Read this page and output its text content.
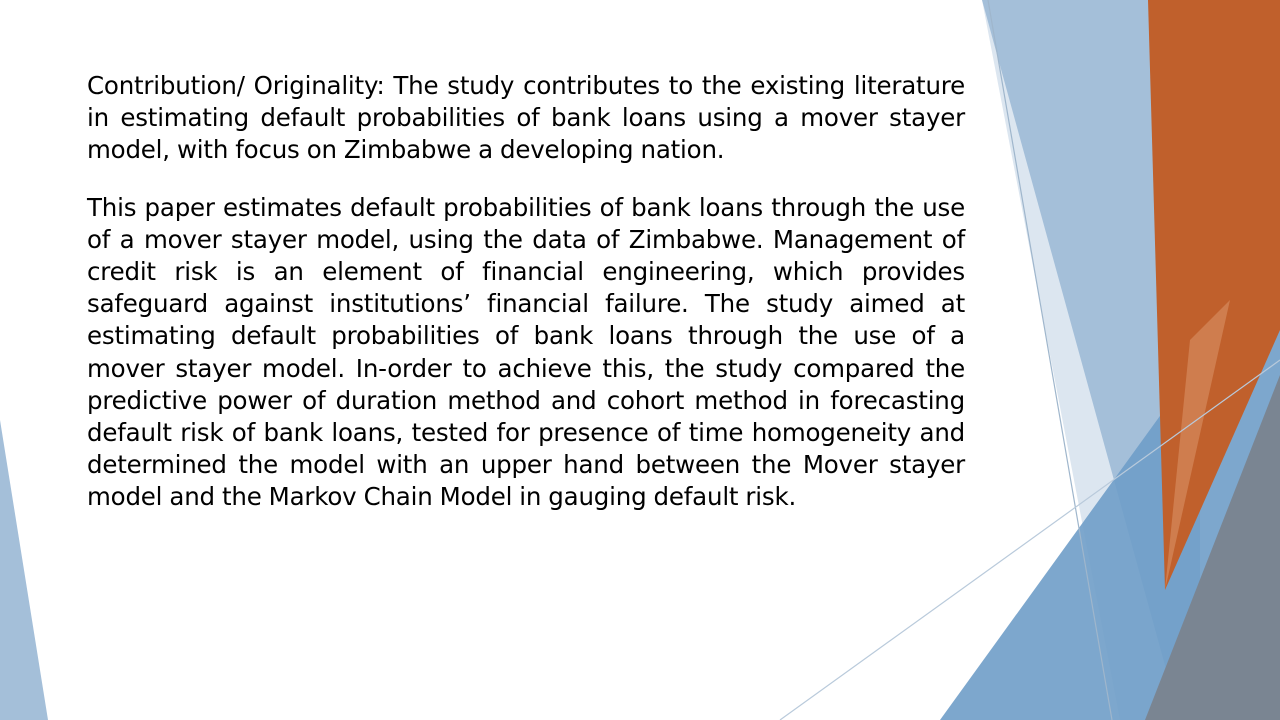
Contribution/ Originality: The study contributes to the existing literature in estimating default probabilities of bank loans using a mover stayer model, with focus on Zimbabwe a developing nation.

This paper estimates default probabilities of bank loans through the use of a mover stayer model, using the data of Zimbabwe. Management of credit risk is an element of financial engineering, which provides safeguard against institutions’ financial failure. The study aimed at estimating default probabilities of bank loans through the use of a mover stayer model. In-order to achieve this, the study compared the predictive power of duration method and cohort method in forecasting default risk of bank loans, tested for presence of time homogeneity and determined the model with an upper hand between the Mover stayer model and the Markov Chain Model in gauging default risk.
